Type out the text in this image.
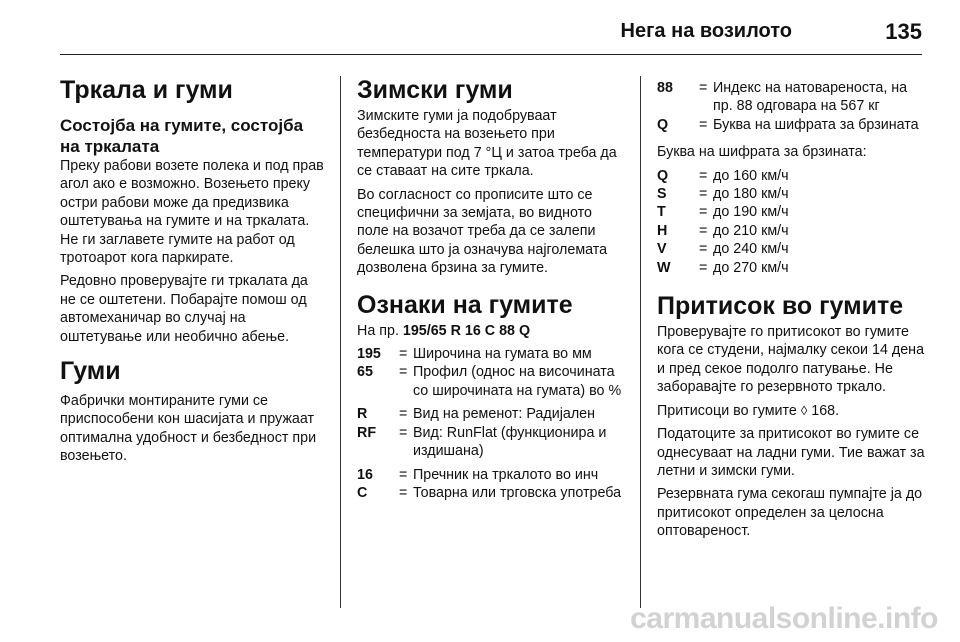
Нега на возилото	135
Тркала и гуми
Состојба на гумите, состојба на тркалата

Преку рабови возете полека и под прав агол ако е возможно. Возењето преку остри рабови може да предизвика оштетувања на гумите и на тркалата. Не ги заглавете гумите на работ од тротоарот кога паркирате.

Редовно проверувајте ги тркалата да не се оштетени. Побарајте помош од автомеханичар во случај на оштетување или необично абење.

Гуми

Фабрички монтираните гуми се приспособени кон шасијата и пружаат оптимална удобност и безбедност при возењето.

Зимски гуми

Зимските гуми ја подобруваат безбедноста на возењето при температури под 7 °Ц и затоа треба да се ставаат на сите тркала.

Во согласност со прописите што се специфични за земјата, во видното поле на возачот треба да се залепи белешка што ја означува најголемата дозволена брзина за гумите.

Ознаки на гумите

На пр. 195/65 R 16 C 88 Q

195	= Широчина на гумата во мм
65	= Профил (однос на височината со широчината на гумата) во %
R	= Вид на ременот: Радијален
RF	= Вид: RunFlat (функционира и издишана)
16	= Пречник на тркалото во инч
C	= Товарна или трговска употреба
88	= Индекс на натовареноста, на пр. 88 одговара на 567 кг
Q	= Буква на шифрата за брзината

Буква на шифрата за брзината:

Q	= до 160 км/ч
S	= до 180 км/ч
T	= до 190 км/ч
H	= до 210 км/ч
V	= до 240 км/ч
W	= до 270 км/ч
Притисок во гумите

Проверувајте го притисокот во гумите кога се студени, најмалку секои 14 дена и пред секое подолго патување. Не заборавајте го резервното тркало.

Притисоци во гумите ◊ 168.

Податоците за притисокот во гумите се однесуваат на ладни гуми. Тие важат за летни и зимски гуми.

Резервната гума секогаш пумпајте ја до притисокот определен за целосна оптовареност.

carmanualsonline.info
